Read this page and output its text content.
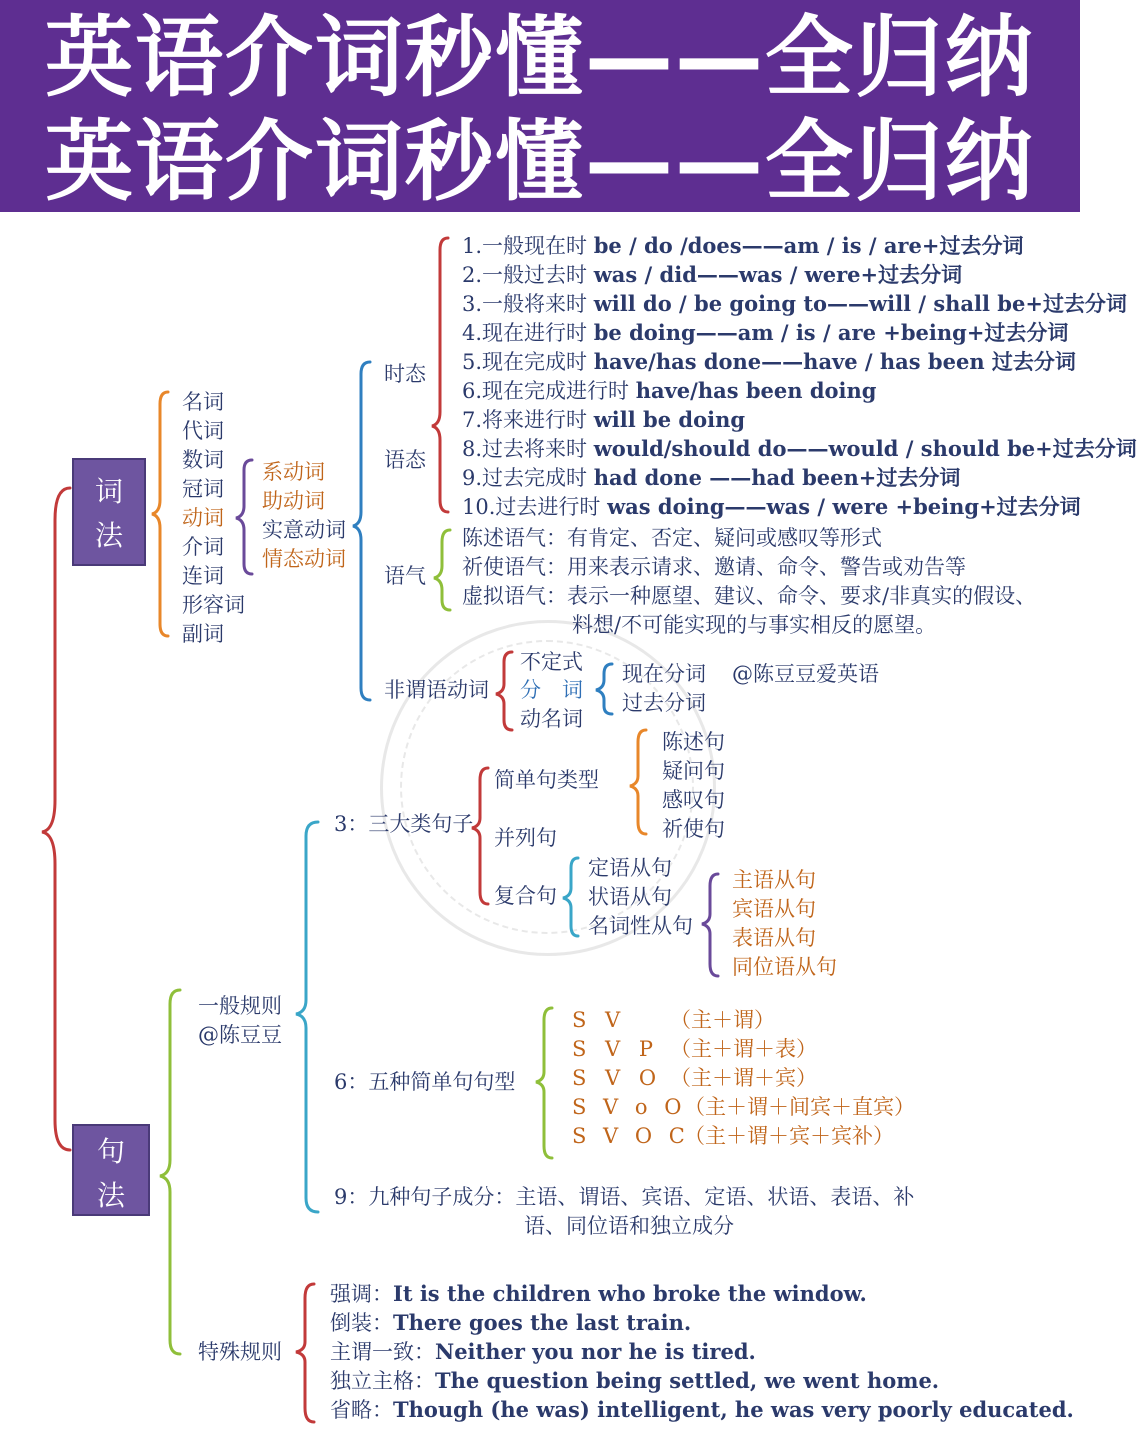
英语介词秒懂——全归纳
英语介词秒懂——全归纳
词
法
名词
代词
数词
冠词
动词
介词
连词
形容词
副词
系动词
助动词
实意动词
情态动词
时态
语态
语气
非谓语动词
1.一般现在时 be / do /does——am / is / are+过去分词
2.一般过去时 was / did——was / were+过去分词
3.一般将来时 will do / be going to——will / shall be+过去分词
4.现在进行时 be doing——am / is / are +being+过去分词
5.现在完成时 have/has done——have / has been 过去分词
6.现在完成进行时 have/has been doing
7.将来进行时 will be doing
8.过去将来时 would/should do——would / should be+过去分词
9.过去完成时 had done ——had been+过去分词
10.过去进行时 was doing——was / were +being+过去分词
陈述语气：有肯定、否定、疑问或感叹等形式
祈使语气：用来表示请求、邀请、命令、警告或劝告等
虚拟语气：表示一种愿望、建议、命令、要求/非真实的假设、
料想/不可能实现的与事实相反的愿望。
不定式
分　词
动名词
现在分词
过去分词
@陈豆豆爱英语
句
法
一般规则
@陈豆豆
3：三大类句子
简单句类型
陈述句
疑问句
感叹句
祈使句
并列句
复合句
定语从句
状语从句
名词性从句
主语从句
宾语从句
表语从句
同位语从句
6：五种简单句句型
S V （主＋谓）
S V P （主＋谓＋表）
S V O （主＋谓＋宾）
S V o O（主＋谓＋间宾＋直宾）
S V O C（主＋谓＋宾＋宾补）
9：九种句子成分：主语、谓语、宾语、定语、状语、表语、补
语、同位语和独立成分
特殊规则
强调：It is the children who broke the window.
倒装：There goes the last train.
主谓一致：Neither you nor he is tired.
独立主格：The question being settled, we went home.
省略：Though (he was) intelligent, he was very poorly educated.
